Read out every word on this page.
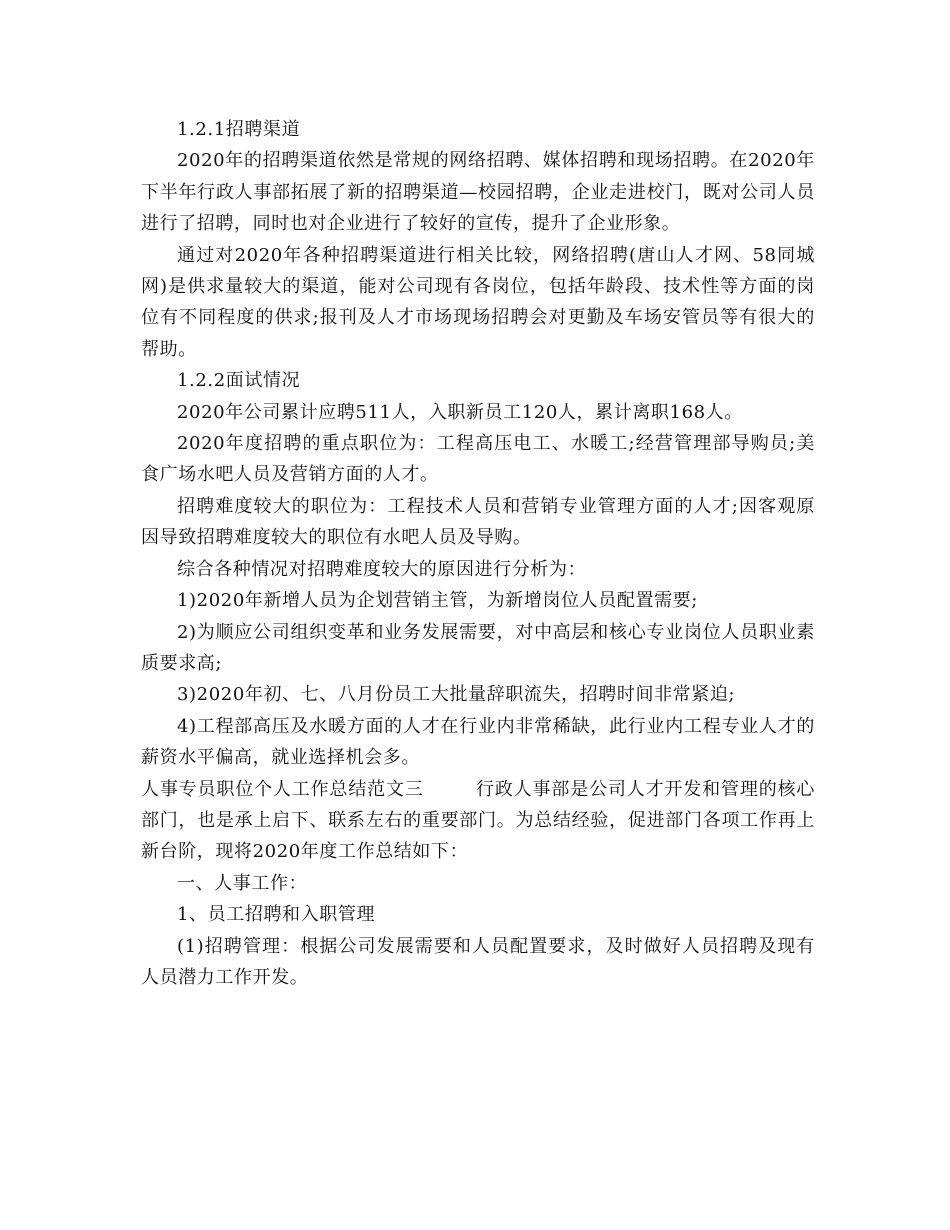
1.2.1招聘渠道

2020年的招聘渠道依然是常规的网络招聘、媒体招聘和现场招聘。在2020年下半年行政人事部拓展了新的招聘渠道—校园招聘，企业走进校门，既对公司人员进行了招聘，同时也对企业进行了较好的宣传，提升了企业形象。

通过对2020年各种招聘渠道进行相关比较，网络招聘(唐山人才网、58同城网)是供求量较大的渠道，能对公司现有各岗位，包括年龄段、技术性等方面的岗位有不同程度的供求;报刊及人才市场现场招聘会对更勤及车场安管员等有很大的帮助。

1.2.2面试情况

2020年公司累计应聘511人，入职新员工120人，累计离职168人。

2020年度招聘的重点职位为：工程高压电工、水暖工;经营管理部导购员;美食广场水吧人员及营销方面的人才。

招聘难度较大的职位为：工程技术人员和营销专业管理方面的人才;因客观原因导致招聘难度较大的职位有水吧人员及导购。

综合各种情况对招聘难度较大的原因进行分析为：

1)2020年新增人员为企划营销主管，为新增岗位人员配置需要;

2)为顺应公司组织变革和业务发展需要，对中高层和核心专业岗位人员职业素质要求高;

3)2020年初、七、八月份员工大批量辞职流失，招聘时间非常紧迫;

4)工程部高压及水暖方面的人才在行业内非常稀缺，此行业内工程专业人才的薪资水平偏高，就业选择机会多。

人事专员职位个人工作总结范文三	行政人事部是公司人才开发和管理的核心部门，也是承上启下、联系左右的重要部门。为总结经验，促进部门各项工作再上新台阶，现将2020年度工作总结如下：

一、人事工作：

1、员工招聘和入职管理

(1)招聘管理：根据公司发展需要和人员配置要求，及时做好人员招聘及现有人员潜力工作开发。
